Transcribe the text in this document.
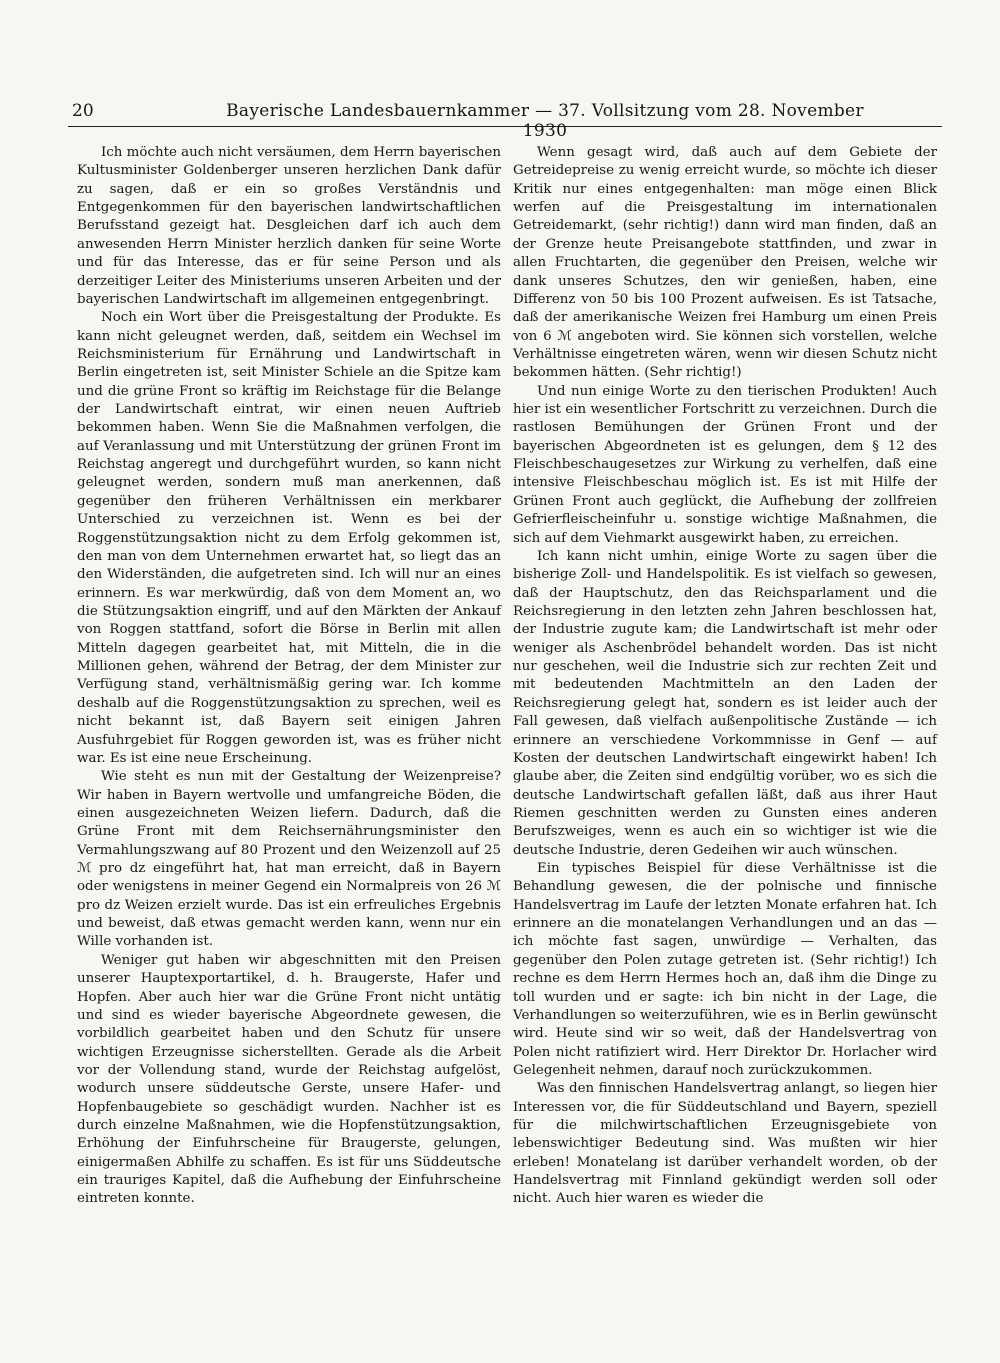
20	Bayerische Landesbauernkammer — 37. Vollsitzung vom 28. November 1930

Ich möchte auch nicht versäumen, dem Herrn bayerischen Kultusminister Goldenberger unseren herzlichen Dank dafür zu sagen, daß er ein so großes Verständnis und Entgegenkommen für den bayerischen landwirtschaftlichen Berufsstand gezeigt hat. Desgleichen darf ich auch dem anwesenden Herrn Minister herzlich danken für seine Worte und für das Interesse, das er für seine Person und als derzeitiger Leiter des Ministeriums unseren Arbeiten und der bayerischen Landwirtschaft im allgemeinen entgegenbringt.

Noch ein Wort über die Preisgestaltung der Produkte. Es kann nicht geleugnet werden, daß, seitdem ein Wechsel im Reichsministerium für Ernährung und Landwirtschaft in Berlin eingetreten ist, seit Minister Schiele an die Spitze kam und die grüne Front so kräftig im Reichstage für die Belange der Landwirtschaft eintrat, wir einen neuen Auftrieb bekommen haben. Wenn Sie die Maßnahmen verfolgen, die auf Veranlassung und mit Unterstützung der grünen Front im Reichstag angeregt und durchgeführt wurden, so kann nicht geleugnet werden, sondern muß man anerkennen, daß gegenüber den früheren Verhältnissen ein merkbarer Unterschied zu verzeichnen ist. Wenn es bei der Roggenstützungsaktion nicht zu dem Erfolg gekommen ist, den man von dem Unternehmen erwartet hat, so liegt das an den Widerständen, die aufgetreten sind. Ich will nur an eines erinnern. Es war merkwürdig, daß von dem Moment an, wo die Stützungsaktion eingriff, und auf den Märkten der Ankauf von Roggen stattfand, sofort die Börse in Berlin mit allen Mitteln dagegen gearbeitet hat, mit Mitteln, die in die Millionen gehen, während der Betrag, der dem Minister zur Verfügung stand, verhältnismäßig gering war. Ich komme deshalb auf die Roggenstützungsaktion zu sprechen, weil es nicht bekannt ist, daß Bayern seit einigen Jahren Ausfuhrgebiet für Roggen geworden ist, was es früher nicht war. Es ist eine neue Erscheinung.

Wie steht es nun mit der Gestaltung der Weizenpreise? Wir haben in Bayern wertvolle und umfangreiche Böden, die einen ausgezeichneten Weizen liefern. Dadurch, daß die Grüne Front mit dem Reichsernährungsminister den Vermahlungszwang auf 80 Prozent und den Weizenzoll auf 25 ℳ pro dz eingeführt hat, hat man erreicht, daß in Bayern oder wenigstens in meiner Gegend ein Normalpreis von 26 ℳ pro dz Weizen erzielt wurde. Das ist ein erfreuliches Ergebnis und beweist, daß etwas gemacht werden kann, wenn nur ein Wille vorhanden ist.

Weniger gut haben wir abgeschnitten mit den Preisen unserer Hauptexportartikel, d. h. Braugerste, Hafer und Hopfen. Aber auch hier war die Grüne Front nicht untätig und sind es wieder bayerische Abgeordnete gewesen, die vorbildlich gearbeitet haben und den Schutz für unsere wichtigen Erzeugnisse sicherstellten. Gerade als die Arbeit vor der Vollendung stand, wurde der Reichstag aufgelöst, wodurch unsere süddeutsche Gerste, unsere Hafer- und Hopfenbaugebiete so geschädigt wurden. Nachher ist es durch einzelne Maßnahmen, wie die Hopfenstützungsaktion, Erhöhung der Einfuhrscheine für Braugerste, gelungen, einigermaßen Abhilfe zu schaffen. Es ist für uns Süddeutsche ein trauriges Kapitel, daß die Aufhebung der Einfuhrscheine eintreten konnte.

Wenn gesagt wird, daß auch auf dem Gebiete der Getreidepreise zu wenig erreicht wurde, so möchte ich dieser Kritik nur eines entgegenhalten: man möge einen Blick werfen auf die Preisgestaltung im internationalen Getreidemarkt, (sehr richtig!) dann wird man finden, daß an der Grenze heute Preisangebote stattfinden, und zwar in allen Fruchtarten, die gegenüber den Preisen, welche wir dank unseres Schutzes, den wir genießen, haben, eine Differenz von 50 bis 100 Prozent aufweisen. Es ist Tatsache, daß der amerikanische Weizen frei Hamburg um einen Preis von 6 ℳ angeboten wird. Sie können sich vorstellen, welche Verhältnisse eingetreten wären, wenn wir diesen Schutz nicht bekommen hätten. (Sehr richtig!)

Und nun einige Worte zu den tierischen Produkten! Auch hier ist ein wesentlicher Fortschritt zu verzeichnen. Durch die rastlosen Bemühungen der Grünen Front und der bayerischen Abgeordneten ist es gelungen, dem § 12 des Fleischbeschaugesetzes zur Wirkung zu verhelfen, daß eine intensive Fleischbeschau möglich ist. Es ist mit Hilfe der Grünen Front auch geglückt, die Aufhebung der zollfreien Gefrierfleischeinfuhr u. sonstige wichtige Maßnahmen, die sich auf dem Viehmarkt ausgewirkt haben, zu erreichen.

Ich kann nicht umhin, einige Worte zu sagen über die bisherige Zoll- und Handelspolitik. Es ist vielfach so gewesen, daß der Hauptschutz, den das Reichsparlament und die Reichsregierung in den letzten zehn Jahren beschlossen hat, der Industrie zugute kam; die Landwirtschaft ist mehr oder weniger als Aschenbrödel behandelt worden. Das ist nicht nur geschehen, weil die Industrie sich zur rechten Zeit und mit bedeutenden Machtmitteln an den Laden der Reichsregierung gelegt hat, sondern es ist leider auch der Fall gewesen, daß vielfach außenpolitische Zustände — ich erinnere an verschiedene Vorkommnisse in Genf — auf Kosten der deutschen Landwirtschaft eingewirkt haben! Ich glaube aber, die Zeiten sind endgültig vorüber, wo es sich die deutsche Landwirtschaft gefallen läßt, daß aus ihrer Haut Riemen geschnitten werden zu Gunsten eines anderen Berufszweiges, wenn es auch ein so wichtiger ist wie die deutsche Industrie, deren Gedeihen wir auch wünschen.

Ein typisches Beispiel für diese Verhältnisse ist die Behandlung gewesen, die der polnische und finnische Handelsvertrag im Laufe der letzten Monate erfahren hat. Ich erinnere an die monatelangen Verhandlungen und an das — ich möchte fast sagen, unwürdige — Verhalten, das gegenüber den Polen zutage getreten ist. (Sehr richtig!) Ich rechne es dem Herrn Hermes hoch an, daß ihm die Dinge zu toll wurden und er sagte: ich bin nicht in der Lage, die Verhandlungen so weiterzuführen, wie es in Berlin gewünscht wird. Heute sind wir so weit, daß der Handelsvertrag von Polen nicht ratifiziert wird. Herr Direktor Dr. Horlacher wird Gelegenheit nehmen, darauf noch zurückzukommen.

Was den finnischen Handelsvertrag anlangt, so liegen hier Interessen vor, die für Süddeutschland und Bayern, speziell für die milchwirtschaftlichen Erzeugnisgebiete von lebenswichtiger Bedeutung sind. Was mußten wir hier erleben! Monatelang ist darüber verhandelt worden, ob der Handelsvertrag mit Finnland gekündigt werden soll oder nicht. Auch hier waren es wieder die
